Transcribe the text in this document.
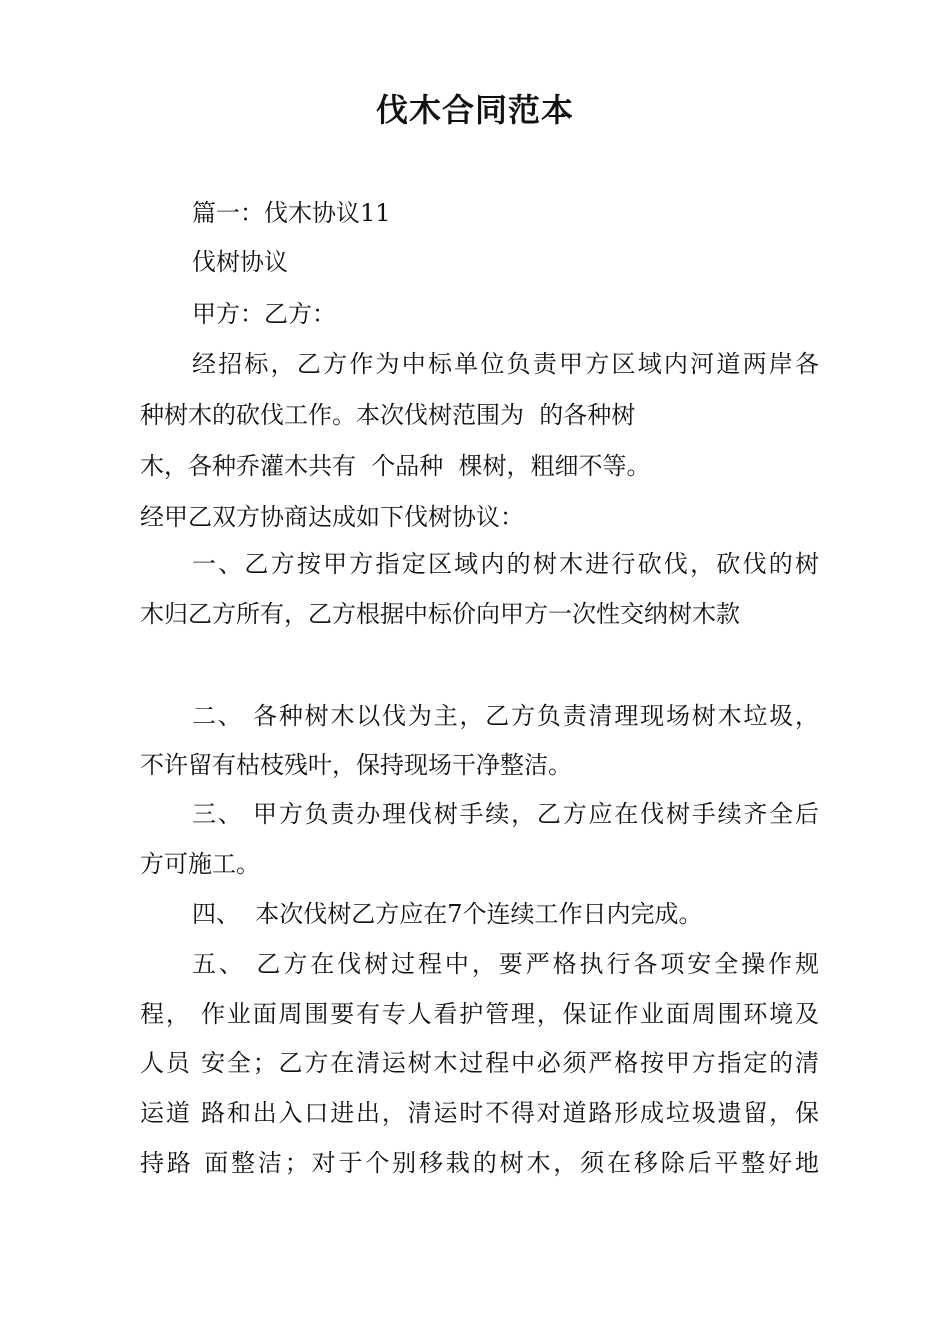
伐木合同范本
篇一：伐木协议11
伐树协议
甲方：乙方：
经招标，乙方作为中标单位负责甲方区域内河道两岸各
种树木的砍伐工作。本次伐树范围为  的各种树
木，各种乔灌木共有  个品种  棵树，粗细不等。
经甲乙双方协商达成如下伐树协议：
一、乙方按甲方指定区域内的树木进行砍伐，砍伐的树
木归乙方所有，乙方根据中标价向甲方一次性交纳树木款
二、 各种树木以伐为主，乙方负责清理现场树木垃圾，
不许留有枯枝残叶，保持现场干净整洁。
三、 甲方负责办理伐树手续，乙方应在伐树手续齐全后
方可施工。
四、  本次伐树乙方应在7个连续工作日内完成。
五、 乙方在伐树过程中，要严格执行各项安全操作规
程， 作业面周围要有专人看护管理，保证作业面周围环境及
人员 安全；乙方在清运树木过程中必须严格按甲方指定的清
运道 路和出入口进出，清运时不得对道路形成垃圾遗留，保
持路 面整洁；对于个别移栽的树木，须在移除后平整好地
